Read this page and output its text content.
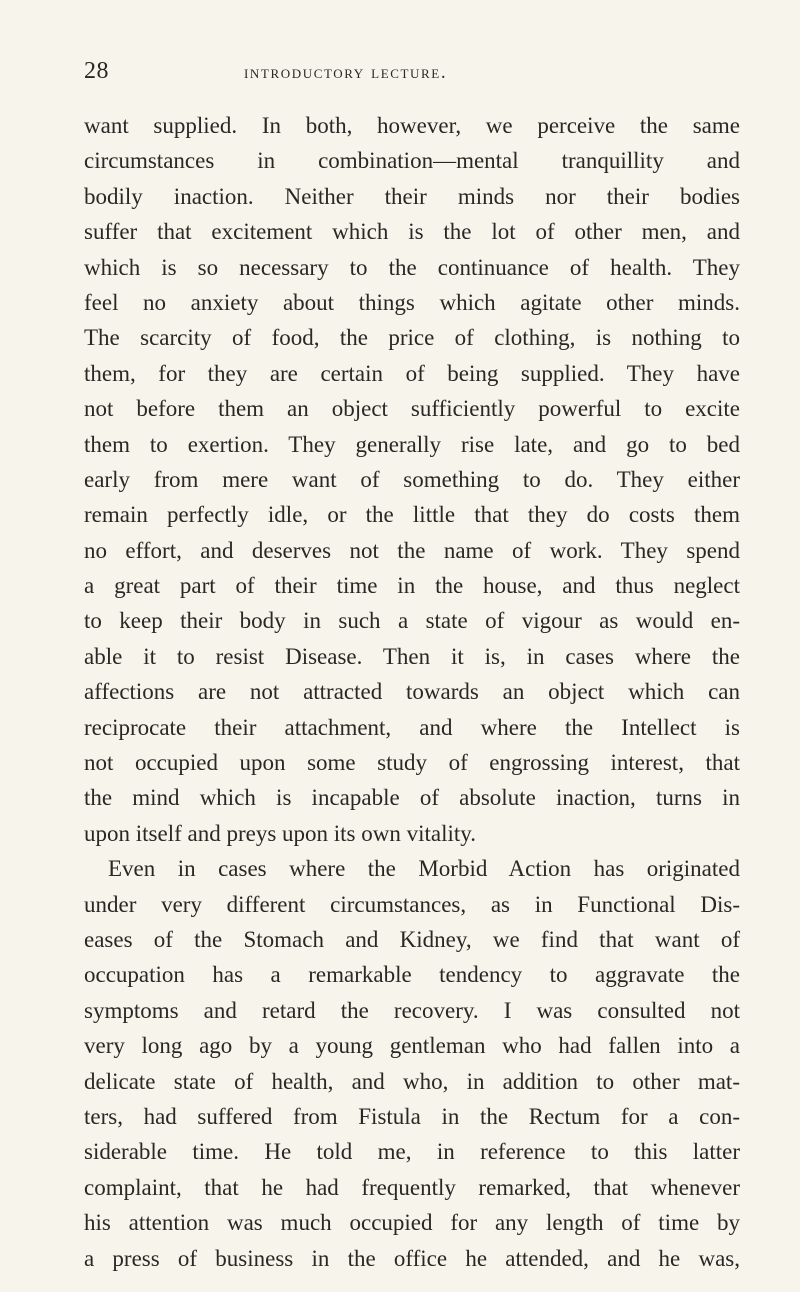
28	introductory lecture.
want supplied. In both, however, we perceive the same
circumstances in combination—mental tranquillity and
bodily inaction. Neither their minds nor their bodies
suffer that excitement which is the lot of other men, and
which is so necessary to the continuance of health. They
feel no anxiety about things which agitate other minds.
The scarcity of food, the price of clothing, is nothing to
them, for they are certain of being supplied. They have
not before them an object sufficiently powerful to excite
them to exertion. They generally rise late, and go to bed
early from mere want of something to do. They either
remain perfectly idle, or the little that they do costs them
no effort, and deserves not the name of work. They spend
a great part of their time in the house, and thus neglect
to keep their body in such a state of vigour as would en-
able it to resist Disease. Then it is, in cases where the
affections are not attracted towards an object which can
reciprocate their attachment, and where the Intellect is
not occupied upon some study of engrossing interest, that
the mind which is incapable of absolute inaction, turns in
upon itself and preys upon its own vitality.
Even in cases where the Morbid Action has originated
under very different circumstances, as in Functional Dis-
eases of the Stomach and Kidney, we find that want of
occupation has a remarkable tendency to aggravate the
symptoms and retard the recovery. I was consulted not
very long ago by a young gentleman who had fallen into a
delicate state of health, and who, in addition to other mat-
ters, had suffered from Fistula in the Rectum for a con-
siderable time. He told me, in reference to this latter
complaint, that he had frequently remarked, that whenever
his attention was much occupied for any length of time by
a press of business in the office he attended, and he was,
